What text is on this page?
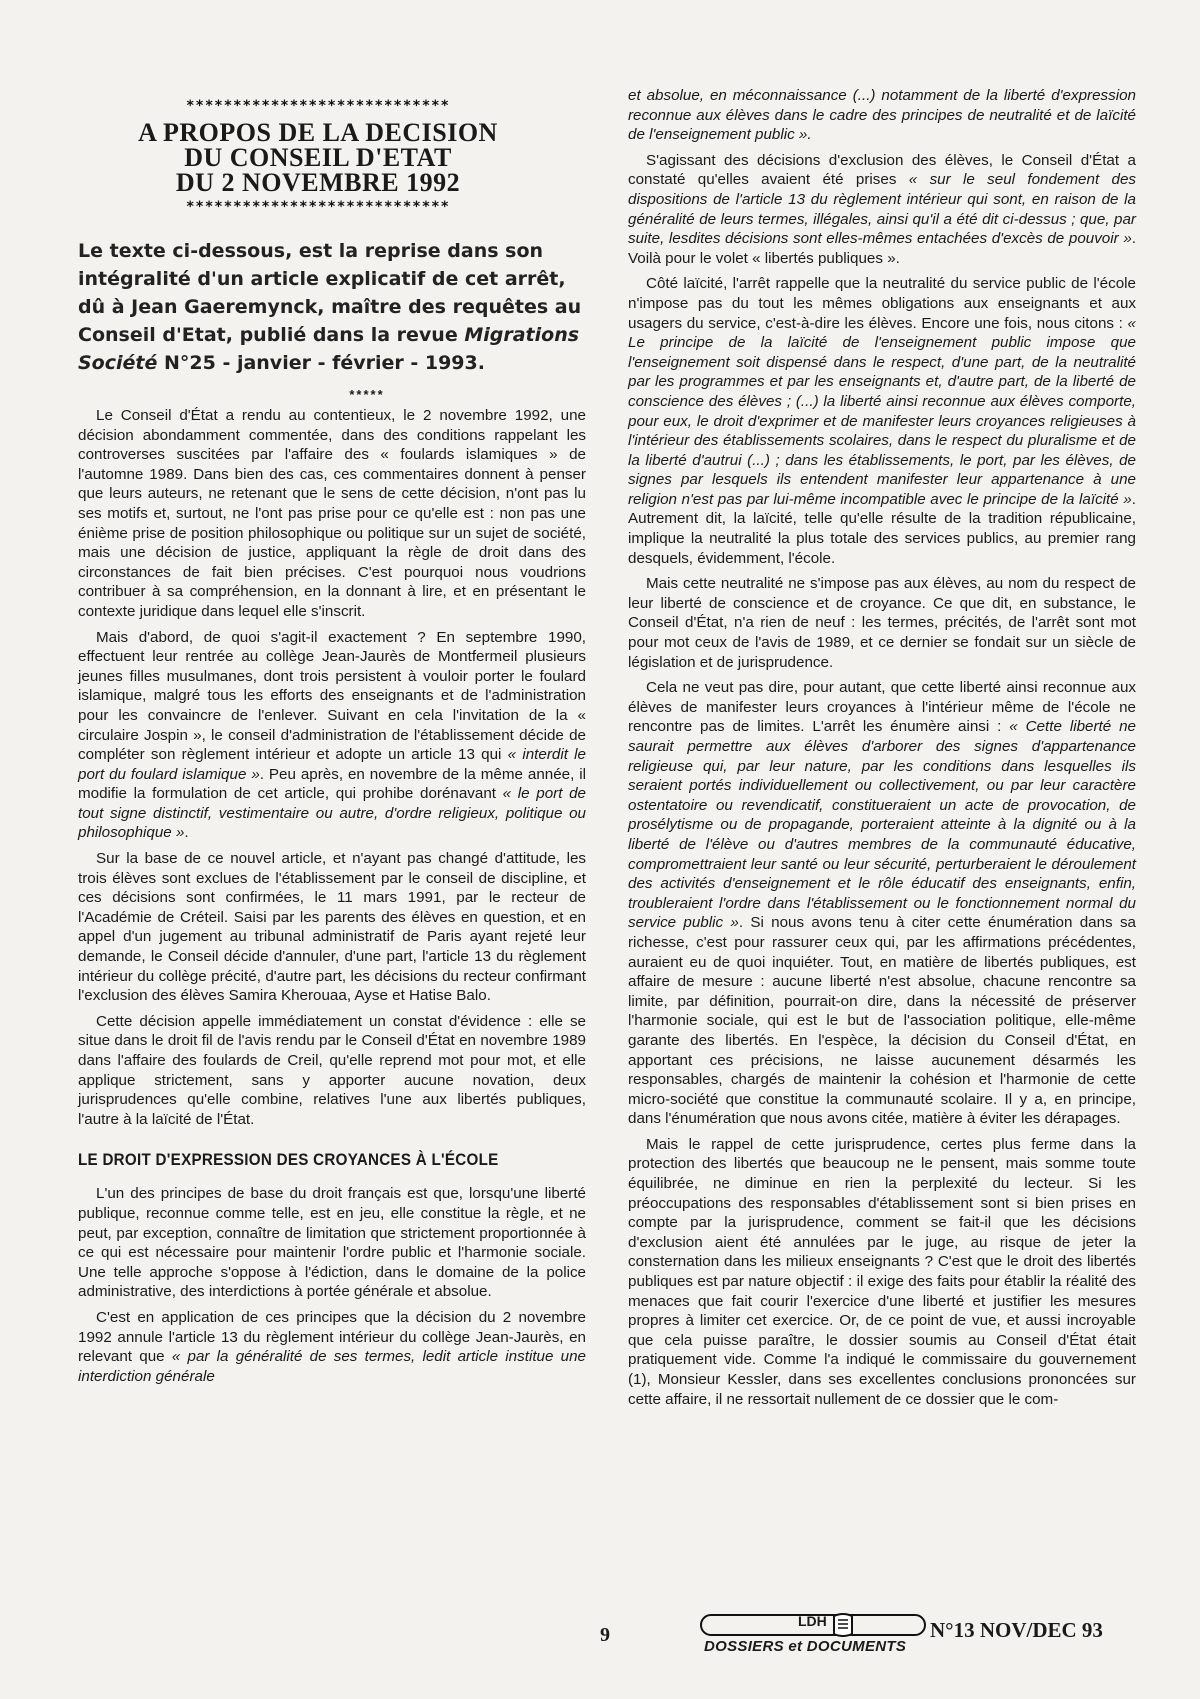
****************************
A PROPOS DE LA DECISION
DU CONSEIL D'ETAT
DU 2 NOVEMBRE 1992
****************************
Le texte ci-dessous, est la reprise dans son intégralité d'un article explicatif de cet arrêt, dû à Jean Gaeremynck, maître des requêtes au Conseil d'Etat, publié dans la revue Migrations Société N°25 - janvier - février - 1993.
*****

Le Conseil d'État a rendu au contentieux, le 2 novembre 1992, une décision abondamment commentée, dans des conditions rappelant les controverses suscitées par l'affaire des « foulards islamiques » de l'automne 1989. Dans bien des cas, ces commentaires donnent à penser que leurs auteurs, ne retenant que le sens de cette décision, n'ont pas lu ses motifs et, surtout, ne l'ont pas prise pour ce qu'elle est : non pas une énième prise de position philosophique ou politique sur un sujet de société, mais une décision de justice, appliquant la règle de droit dans des circonstances de fait bien précises. C'est pourquoi nous voudrions contribuer à sa compréhension, en la donnant à lire, et en présentant le contexte juridique dans lequel elle s'inscrit.

Mais d'abord, de quoi s'agit-il exactement ? En septembre 1990, effectuent leur rentrée au collège Jean-Jaurès de Montfermeil plusieurs jeunes filles musulmanes, dont trois persistent à vouloir porter le foulard islamique, malgré tous les efforts des enseignants et de l'administration pour les convaincre de l'enlever. Suivant en cela l'invitation de la « circulaire Jospin », le conseil d'administration de l'établissement décide de compléter son règlement intérieur et adopte un article 13 qui « interdit le port du foulard islamique ». Peu après, en novembre de la même année, il modifie la formulation de cet article, qui prohibe dorénavant « le port de tout signe distinctif, vestimentaire ou autre, d'ordre religieux, politique ou philosophique ».

Sur la base de ce nouvel article, et n'ayant pas changé d'attitude, les trois élèves sont exclues de l'établissement par le conseil de discipline, et ces décisions sont confirmées, le 11 mars 1991, par le recteur de l'Académie de Créteil. Saisi par les parents des élèves en question, et en appel d'un jugement au tribunal administratif de Paris ayant rejeté leur demande, le Conseil décide d'annuler, d'une part, l'article 13 du règlement intérieur du collège précité, d'autre part, les décisions du recteur confirmant l'exclusion des élèves Samira Kherouaa, Ayse et Hatise Balo.

Cette décision appelle immédiatement un constat d'évidence : elle se situe dans le droit fil de l'avis rendu par le Conseil d'État en novembre 1989 dans l'affaire des foulards de Creil, qu'elle reprend mot pour mot, et elle applique strictement, sans y apporter aucune novation, deux jurisprudences qu'elle combine, relatives l'une aux libertés publiques, l'autre à la laïcité de l'État.

LE DROIT D'EXPRESSION DES CROYANCES À L'ÉCOLE

L'un des principes de base du droit français est que, lorsqu'une liberté publique, reconnue comme telle, est en jeu, elle constitue la règle, et ne peut, par exception, connaître de limitation que strictement proportionnée à ce qui est nécessaire pour maintenir l'ordre public et l'harmonie sociale. Une telle approche s'oppose à l'édiction, dans le domaine de la police administrative, des interdictions à portée générale et absolue.

C'est en application de ces principes que la décision du 2 novembre 1992 annule l'article 13 du règlement intérieur du collège Jean-Jaurès, en relevant que « par la généralité de ses termes, ledit article institue une interdiction générale

et absolue, en méconnaissance (...) notamment de la liberté d'expression reconnue aux élèves dans le cadre des principes de neutralité et de laïcité de l'enseignement public ».

S'agissant des décisions d'exclusion des élèves, le Conseil d'État a constaté qu'elles avaient été prises « sur le seul fondement des dispositions de l'article 13 du règlement intérieur qui sont, en raison de la généralité de leurs termes, illégales, ainsi qu'il a été dit ci-dessus ; que, par suite, lesdites décisions sont elles-mêmes entachées d'excès de pouvoir ». Voilà pour le volet « libertés publiques ».

Côté laïcité, l'arrêt rappelle que la neutralité du service public de l'école n'impose pas du tout les mêmes obligations aux enseignants et aux usagers du service, c'est-à-dire les élèves. Encore une fois, nous citons : « Le principe de la laïcité de l'enseignement public impose que l'enseignement soit dispensé dans le respect, d'une part, de la neutralité par les programmes et par les enseignants et, d'autre part, de la liberté de conscience des élèves ; (...) la liberté ainsi reconnue aux élèves comporte, pour eux, le droit d'exprimer et de manifester leurs croyances religieuses à l'intérieur des établissements scolaires, dans le respect du pluralisme et de la liberté d'autrui (...) ; dans les établissements, le port, par les élèves, de signes par lesquels ils entendent manifester leur appartenance à une religion n'est pas par lui-même incompatible avec le principe de la laïcité ». Autrement dit, la laïcité, telle qu'elle résulte de la tradition républicaine, implique la neutralité la plus totale des services publics, au premier rang desquels, évidemment, l'école.

Mais cette neutralité ne s'impose pas aux élèves, au nom du respect de leur liberté de conscience et de croyance. Ce que dit, en substance, le Conseil d'État, n'a rien de neuf : les termes, précités, de l'arrêt sont mot pour mot ceux de l'avis de 1989, et ce dernier se fondait sur un siècle de législation et de jurisprudence.

Cela ne veut pas dire, pour autant, que cette liberté ainsi reconnue aux élèves de manifester leurs croyances à l'intérieur même de l'école ne rencontre pas de limites. L'arrêt les énumère ainsi : « Cette liberté ne saurait permettre aux élèves d'arborer des signes d'appartenance religieuse qui, par leur nature, par les conditions dans lesquelles ils seraient portés individuellement ou collectivement, ou par leur caractère ostentatoire ou revendicatif, constitueraient un acte de provocation, de prosélytisme ou de propagande, porteraient atteinte à la dignité ou à la liberté de l'élève ou d'autres membres de la communauté éducative, compromettraient leur santé ou leur sécurité, perturberaient le déroulement des activités d'enseignement et le rôle éducatif des enseignants, enfin, troubleraient l'ordre dans l'établissement ou le fonctionnement normal du service public ». Si nous avons tenu à citer cette énumération dans sa richesse, c'est pour rassurer ceux qui, par les affirmations précédentes, auraient eu de quoi inquiéter. Tout, en matière de libertés publiques, est affaire de mesure : aucune liberté n'est absolue, chacune rencontre sa limite, par définition, pourrait-on dire, dans la nécessité de préserver l'harmonie sociale, qui est le but de l'association politique, elle-même garante des libertés. En l'espèce, la décision du Conseil d'État, en apportant ces précisions, ne laisse aucunement désarmés les responsables, chargés de maintenir la cohésion et l'harmonie de cette micro-société que constitue la communauté scolaire. Il y a, en principe, dans l'énumération que nous avons citée, matière à éviter les dérapages.

Mais le rappel de cette jurisprudence, certes plus ferme dans la protection des libertés que beaucoup ne le pensent, mais somme toute équilibrée, ne diminue en rien la perplexité du lecteur. Si les préoccupations des responsables d'établissement sont si bien prises en compte par la jurisprudence, comment se fait-il que les décisions d'exclusion aient été annulées par le juge, au risque de jeter la consternation dans les milieux enseignants ? C'est que le droit des libertés publiques est par nature objectif : il exige des faits pour établir la réalité des menaces que fait courir l'exercice d'une liberté et justifier les mesures propres à limiter cet exercice. Or, de ce point de vue, et aussi incroyable que cela puisse paraître, le dossier soumis au Conseil d'État était pratiquement vide. Comme l'a indiqué le commissaire du gouvernement (1), Monsieur Kessler, dans ses excellentes conclusions prononcées sur cette affaire, il ne ressortait nullement de ce dossier que le com-

9
LDH
DOSSIERS et DOCUMENTS
N°13 NOV/DEC 93
